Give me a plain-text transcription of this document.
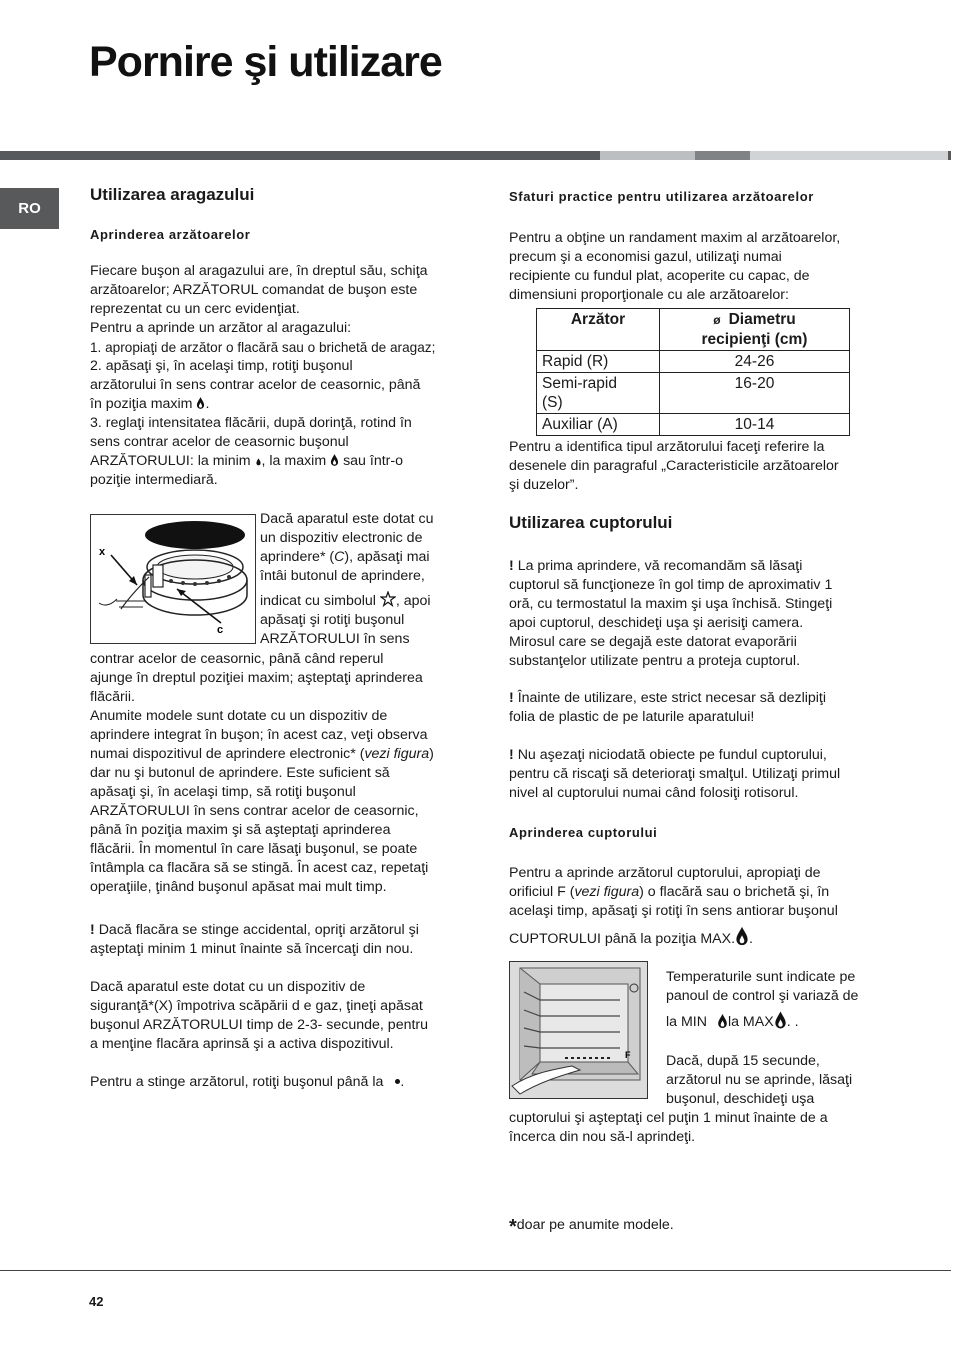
Pornire şi utilizare
RO
Utilizarea aragazului
Aprinderea arzătoarelor

Fiecare buşon al aragazului are, în dreptul său, schiţa

arzătoarelor; ARZĂTORUL comandat de buşon este

reprezentat cu un cerc evidenţiat.

Pentru a aprinde un arzător al aragazului:

1. apropiaţi de arzător o flacără sau o brichetă de aragaz;

2. apăsaţi şi, în acelaşi timp, rotiţi buşonul

arzătorului în sens contrar acelor de ceasornic, până

în poziţia maxim .

3. reglaţi intensitatea flăcării, după dorinţă, rotind în

sens contrar acelor de ceasornic buşonul

ARZĂTORULUI: la minim , la maxim sau într-o

poziţie intermediară.

x
c

Dacă aparatul este dotat cu

un dispozitiv electronic de

aprindere* (C), apăsaţi mai

întâi butonul de aprindere,

indicat cu simbolul , apoi

apăsaţi şi rotiţi buşonul

ARZĂTORULUI în sens

contrar acelor de ceasornic, până când reperul

ajunge în dreptul poziţiei maxim; aşteptaţi aprinderea

flăcării.

Anumite modele sunt dotate cu un dispozitiv de

aprindere integrat în buşon; în acest caz, veţi observa

numai dispozitivul de aprindere electronic* (vezi figura)

dar nu şi butonul de aprindere. Este suficient să

apăsaţi şi, în acelaşi timp, să rotiţi buşonul

ARZĂTORULUI în sens contrar acelor de ceasornic,

până în poziţia maxim şi să aşteptaţi aprinderea

flăcării. În momentul în care lăsaţi buşonul, se poate

întâmpla ca flacăra să se stingă. În acest caz, repetaţi

operaţiile, ţinând buşonul apăsat mai mult timp.

! Dacă flacăra se stinge accidental, opriţi arzătorul şi

aşteptaţi minim 1 minut înainte să încercaţi din nou.

Dacă aparatul este dotat cu un dispozitiv de

siguranţă*(X) împotriva scăpării d e gaz, ţineţi apăsat

buşonul ARZĂTORULUI timp de 2-3- secunde, pentru

a menţine flacăra aprinsă şi a activa dispozitivul.

Pentru a stinge arzătorul, rotiţi buşonul până la .
Sfaturi practice pentru utilizarea arzătoarelor

Pentru a obţine un randament maxim al arzătoarelor,

precum şi a economisi gazul, utilizaţi numai

recipiente cu fundul plat, acoperite cu capac, de

dimensiuni proporţionale cu ale arzătoarelor:

Arzător	ø Diametru
recipienţi (cm)
Rapid (R)	24-26
Semi-rapid
(S)	16-20
Auxiliar (A)	10-14

Pentru a identifica tipul arzătorului faceţi referire la

desenele din paragraful „Caracteristicile arzătoarelor

şi duzelor”.

Utilizarea cuptorului

! La prima aprindere, vă recomandăm să lăsaţi

cuptorul să funcţioneze în gol timp de aproximativ 1

oră, cu termostatul la maxim şi uşa închisă. Stingeţi

apoi cuptorul, deschideţi uşa şi aerisiţi camera.

Mirosul care se degajă este datorat evaporării

substanţelor utilizate pentru a proteja cuptorul.

! Înainte de utilizare, este strict necesar să dezlipiţi

folia de plastic de pe laturile aparatului!

! Nu aşezaţi niciodată obiecte pe fundul cuptorului,

pentru că riscaţi să deterioraţi smalţul. Utilizaţi primul

nivel al cuptorului numai când folosiţi rotisorul.

Aprinderea cuptorului

Pentru a aprinde arzătorul cuptorului, apropiaţi de

orificiul F (vezi figura) o flacără sau o brichetă şi, în

acelaşi timp, apăsaţi şi rotiţi în sens antiorar buşonul

CUPTORULUI până la poziţia MAX. .

F

Temperaturile sunt indicate pe

panoul de control şi variază de

la MIN la MAX . .

Dacă, după 15 secunde,

arzătorul nu se aprinde, lăsaţi

buşonul, deschideţi uşa

cuptorului şi aşteptaţi cel puţin 1 minut înainte de a

încerca din nou să-l aprindeţi.

*doar pe anumite modele.
42
